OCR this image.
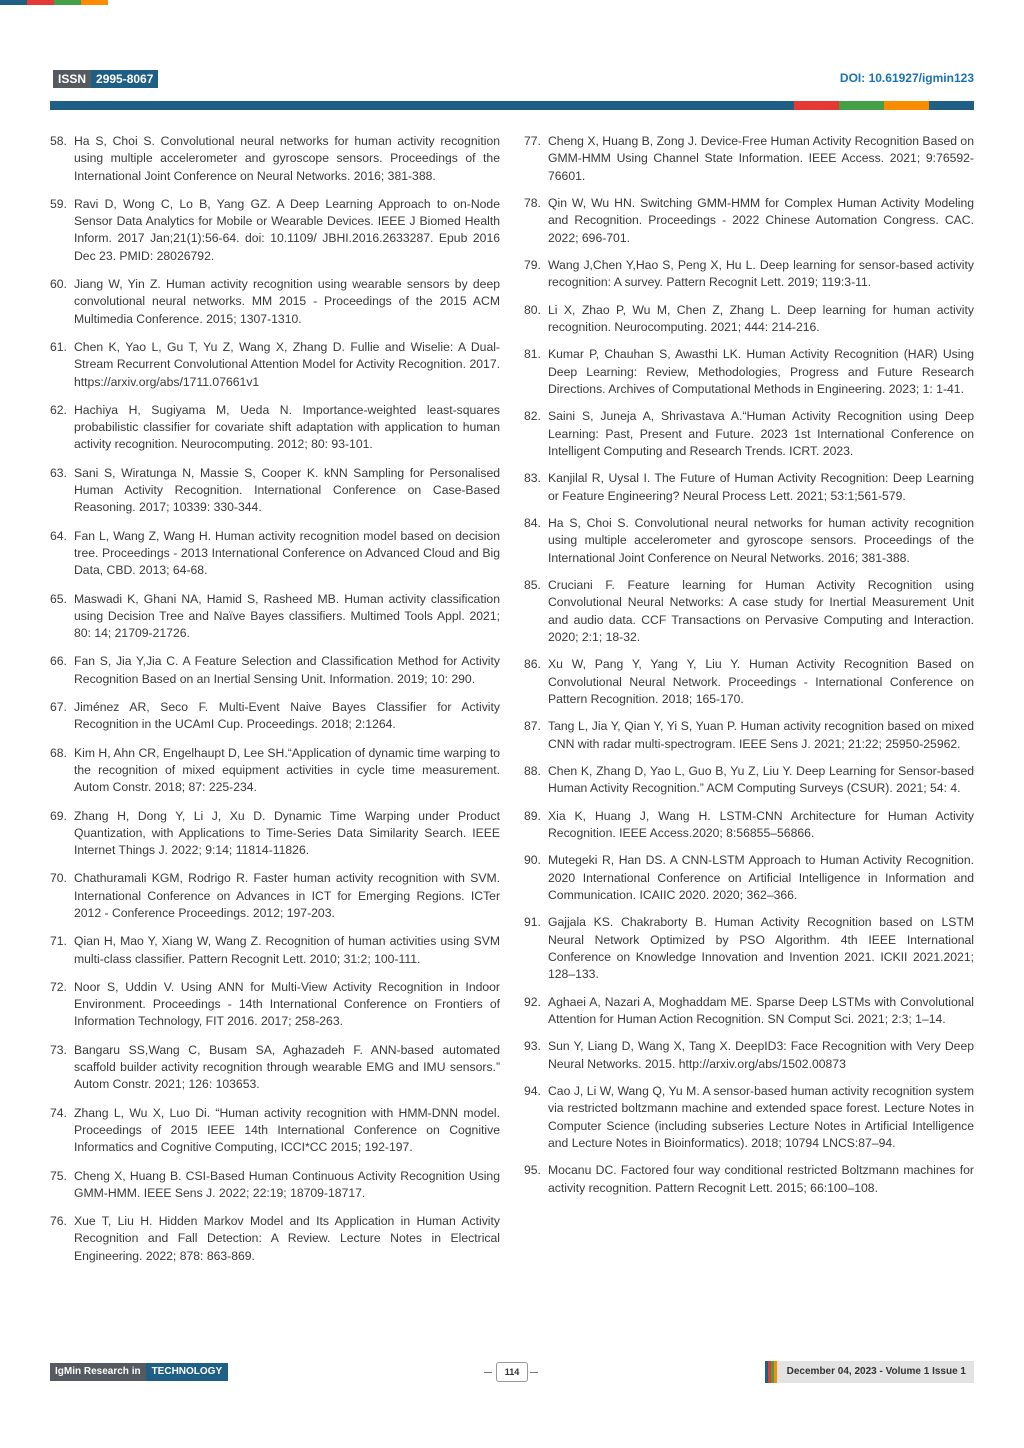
ISSN 2995-8067	DOI: 10.61927/igmin123
58. Ha S, Choi S. Convolutional neural networks for human activity recognition using multiple accelerometer and gyroscope sensors. Proceedings of the International Joint Conference on Neural Networks. 2016; 381-388.
59. Ravi D, Wong C, Lo B, Yang GZ. A Deep Learning Approach to on-Node Sensor Data Analytics for Mobile or Wearable Devices. IEEE J Biomed Health Inform. 2017 Jan;21(1):56-64. doi: 10.1109/ JBHI.2016.2633287. Epub 2016 Dec 23. PMID: 28026792.
60. Jiang W, Yin Z. Human activity recognition using wearable sensors by deep convolutional neural networks. MM 2015 - Proceedings of the 2015 ACM Multimedia Conference. 2015; 1307-1310.
61. Chen K, Yao L, Gu T, Yu Z, Wang X, Zhang D. Fullie and Wiselie: A Dual-Stream Recurrent Convolutional Attention Model for Activity Recognition. 2017. https://arxiv.org/abs/1711.07661v1
62. Hachiya H, Sugiyama M, Ueda N. Importance-weighted least-squares probabilistic classifier for covariate shift adaptation with application to human activity recognition. Neurocomputing. 2012; 80: 93-101.
63. Sani S, Wiratunga N, Massie S, Cooper K. kNN Sampling for Personalised Human Activity Recognition. International Conference on Case-Based Reasoning. 2017; 10339: 330-344.
64. Fan L, Wang Z, Wang H. Human activity recognition model based on decision tree. Proceedings - 2013 International Conference on Advanced Cloud and Big Data, CBD. 2013; 64-68.
65. Maswadi K, Ghani NA, Hamid S, Rasheed MB. Human activity classification using Decision Tree and Naïve Bayes classifiers. Multimed Tools Appl. 2021; 80: 14; 21709-21726.
66. Fan S, Jia Y,Jia C. A Feature Selection and Classification Method for Activity Recognition Based on an Inertial Sensing Unit. Information. 2019; 10: 290.
67. Jiménez AR, Seco F. Multi-Event Naive Bayes Classifier for Activity Recognition in the UCAmI Cup. Proceedings. 2018; 2:1264.
68. Kim H, Ahn CR, Engelhaupt D, Lee SH.“Application of dynamic time warping to the recognition of mixed equipment activities in cycle time measurement. Autom Constr. 2018; 87: 225-234.
69. Zhang H, Dong Y, Li J, Xu D. Dynamic Time Warping under Product Quantization, with Applications to Time-Series Data Similarity Search. IEEE Internet Things J. 2022; 9:14; 11814-11826.
70. Chathuramali KGM, Rodrigo R. Faster human activity recognition with SVM. International Conference on Advances in ICT for Emerging Regions. ICTer 2012 - Conference Proceedings. 2012; 197-203.
71. Qian H, Mao Y, Xiang W, Wang Z. Recognition of human activities using SVM multi-class classifier. Pattern Recognit Lett. 2010; 31:2; 100-111.
72. Noor S, Uddin V. Using ANN for Multi-View Activity Recognition in Indoor Environment. Proceedings - 14th International Conference on Frontiers of Information Technology, FIT 2016. 2017; 258-263.
73. Bangaru SS,Wang C, Busam SA, Aghazadeh F. ANN-based automated scaffold builder activity recognition through wearable EMG and IMU sensors.” Autom Constr. 2021; 126: 103653.
74. Zhang L, Wu X, Luo Di. “Human activity recognition with HMM-DNN model. Proceedings of 2015 IEEE 14th International Conference on Cognitive Informatics and Cognitive Computing, ICCI*CC 2015; 192-197.
75. Cheng X, Huang B. CSI-Based Human Continuous Activity Recognition Using GMM-HMM. IEEE Sens J. 2022; 22:19; 18709-18717.
76. Xue T, Liu H. Hidden Markov Model and Its Application in Human Activity Recognition and Fall Detection: A Review. Lecture Notes in Electrical Engineering. 2022; 878: 863-869.
77. Cheng X, Huang B, Zong J. Device-Free Human Activity Recognition Based on GMM-HMM Using Channel State Information. IEEE Access. 2021; 9:76592-76601.
78. Qin W, Wu HN. Switching GMM-HMM for Complex Human Activity Modeling and Recognition. Proceedings - 2022 Chinese Automation Congress. CAC. 2022; 696-701.
79. Wang J,Chen Y,Hao S, Peng X, Hu L. Deep learning for sensor-based activity recognition: A survey. Pattern Recognit Lett. 2019; 119:3-11.
80. Li X, Zhao P, Wu M, Chen Z, Zhang L. Deep learning for human activity recognition. Neurocomputing. 2021; 444: 214-216.
81. Kumar P, Chauhan S, Awasthi LK. Human Activity Recognition (HAR) Using Deep Learning: Review, Methodologies, Progress and Future Research Directions. Archives of Computational Methods in Engineering. 2023; 1: 1-41.
82. Saini S, Juneja A, Shrivastava A.“Human Activity Recognition using Deep Learning: Past, Present and Future. 2023 1st International Conference on Intelligent Computing and Research Trends. ICRT. 2023.
83. Kanjilal R, Uysal I. The Future of Human Activity Recognition: Deep Learning or Feature Engineering? Neural Process Lett. 2021; 53:1;561-579.
84. Ha S, Choi S. Convolutional neural networks for human activity recognition using multiple accelerometer and gyroscope sensors. Proceedings of the International Joint Conference on Neural Networks. 2016; 381-388.
85. Cruciani F. Feature learning for Human Activity Recognition using Convolutional Neural Networks: A case study for Inertial Measurement Unit and audio data. CCF Transactions on Pervasive Computing and Interaction. 2020; 2:1; 18-32.
86. Xu W, Pang Y, Yang Y, Liu Y. Human Activity Recognition Based on Convolutional Neural Network. Proceedings - International Conference on Pattern Recognition. 2018; 165-170.
87. Tang L, Jia Y, Qian Y, Yi S, Yuan P. Human activity recognition based on mixed CNN with radar multi-spectrogram. IEEE Sens J. 2021; 21:22; 25950-25962.
88. Chen K, Zhang D, Yao L, Guo B, Yu Z, Liu Y. Deep Learning for Sensor-based Human Activity Recognition.” ACM Computing Surveys (CSUR). 2021; 54: 4.
89. Xia K, Huang J, Wang H. LSTM-CNN Architecture for Human Activity Recognition. IEEE Access.2020; 8:56855–56866.
90. Mutegeki R, Han DS. A CNN-LSTM Approach to Human Activity Recognition. 2020 International Conference on Artificial Intelligence in Information and Communication. ICAIIC 2020. 2020; 362–366.
91. Gajjala KS. Chakraborty B. Human Activity Recognition based on LSTM Neural Network Optimized by PSO Algorithm. 4th IEEE International Conference on Knowledge Innovation and Invention 2021. ICKII 2021.2021; 128–133.
92. Aghaei A, Nazari A, Moghaddam ME. Sparse Deep LSTMs with Convolutional Attention for Human Action Recognition. SN Comput Sci. 2021; 2:3; 1–14.
93. Sun Y, Liang D, Wang X, Tang X. DeepID3: Face Recognition with Very Deep Neural Networks. 2015. http://arxiv.org/abs/1502.00873
94. Cao J, Li W, Wang Q, Yu M. A sensor-based human activity recognition system via restricted boltzmann machine and extended space forest. Lecture Notes in Computer Science (including subseries Lecture Notes in Artificial Intelligence and Lecture Notes in Bioinformatics). 2018; 10794 LNCS:87–94.
95. Mocanu DC. Factored four way conditional restricted Boltzmann machines for activity recognition. Pattern Recognit Lett. 2015; 66:100–108.
IgMin Research in	TECHNOLOGY	114	December 04, 2023 - Volume 1 Issue 1
